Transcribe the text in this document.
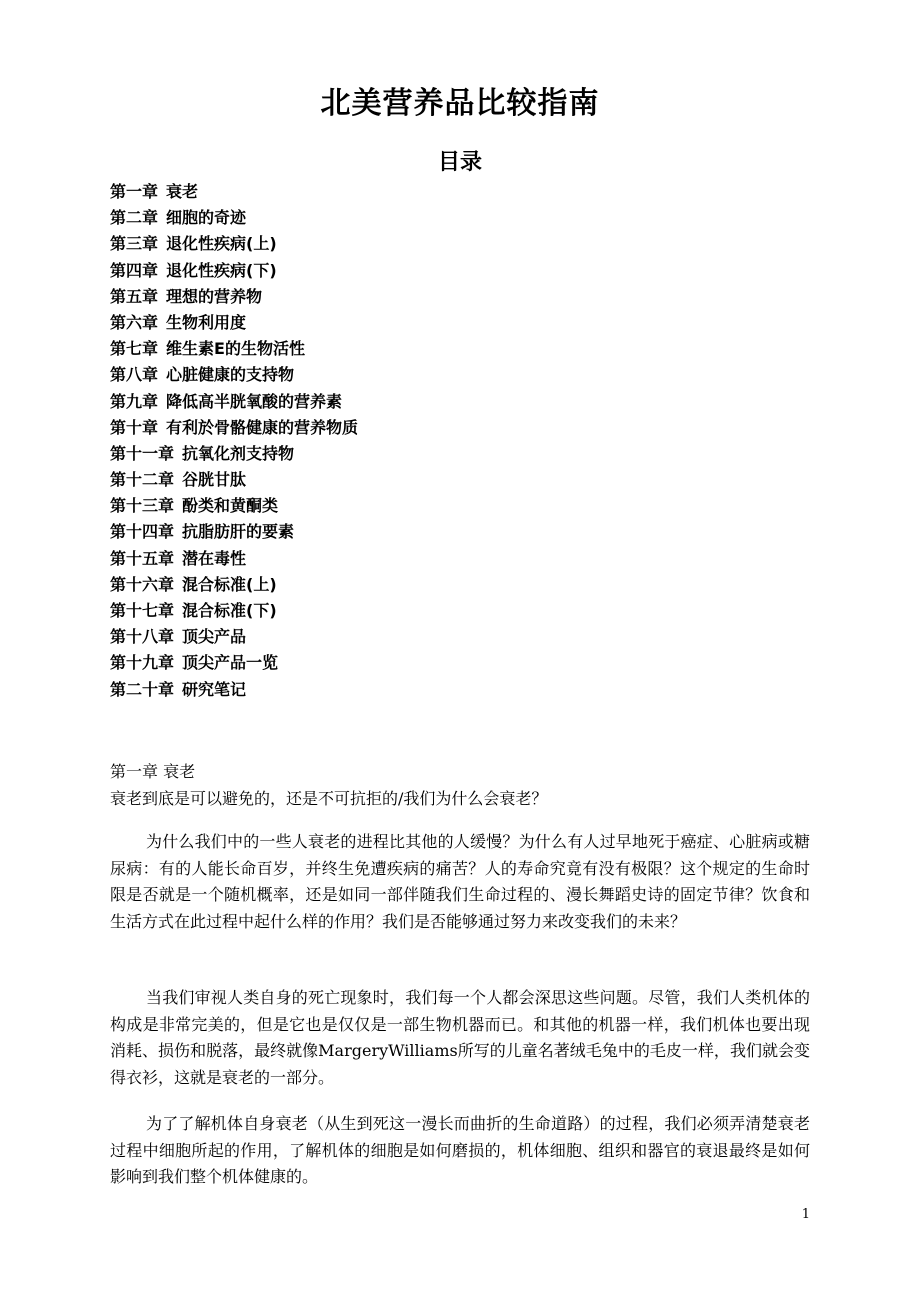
北美营养品比较指南
目录
第一章 衰老
第二章 细胞的奇迹
第三章 退化性疾病(上)
第四章 退化性疾病(下)
第五章 理想的营养物
第六章 生物利用度
第七章 维生素E的生物活性
第八章 心脏健康的支持物
第九章 降低高半胱氧酸的营养素
第十章 有利於骨骼健康的营养物质
第十一章 抗氧化剂支持物
第十二章 谷胱甘肽
第十三章 酚类和黄酮类
第十四章 抗脂肪肝的要素
第十五章 潜在毒性
第十六章 混合标准(上)
第十七章 混合标准(下)
第十八章 顶尖产品
第十九章 顶尖产品一览
第二十章 研究笔记
第一章 衰老
衰老到底是可以避免的，还是不可抗拒的/我们为什么会衰老？

为什么我们中的一些人衰老的进程比其他的人缓慢？为什么有人过早地死于癌症、心脏病或糖尿病：有的人能长命百岁，并终生免遭疾病的痛苦？人的寿命究竟有没有极限？这个规定的生命时限是否就是一个随机概率，还是如同一部伴随我们生命过程的、漫长舞蹈史诗的固定节律？饮食和生活方式在此过程中起什么样的作用？我们是否能够通过努力来改变我们的未来？

当我们审视人类自身的死亡现象时，我们每一个人都会深思这些问题。尽管，我们人类机体的构成是非常完美的，但是它也是仅仅是一部生物机器而已。和其他的机器一样，我们机体也要出现消耗、损伤和脱落，最终就像MargeryWilliams所写的儿童名著绒毛兔中的毛皮一样，我们就会变得衣衫，这就是衰老的一部分。

为了了解机体自身衰老（从生到死这一漫长而曲折的生命道路）的过程，我们必须弄清楚衰老过程中细胞所起的作用，了解机体的细胞是如何磨损的，机体细胞、组织和器官的衰退最终是如何影响到我们整个机体健康的。

1
